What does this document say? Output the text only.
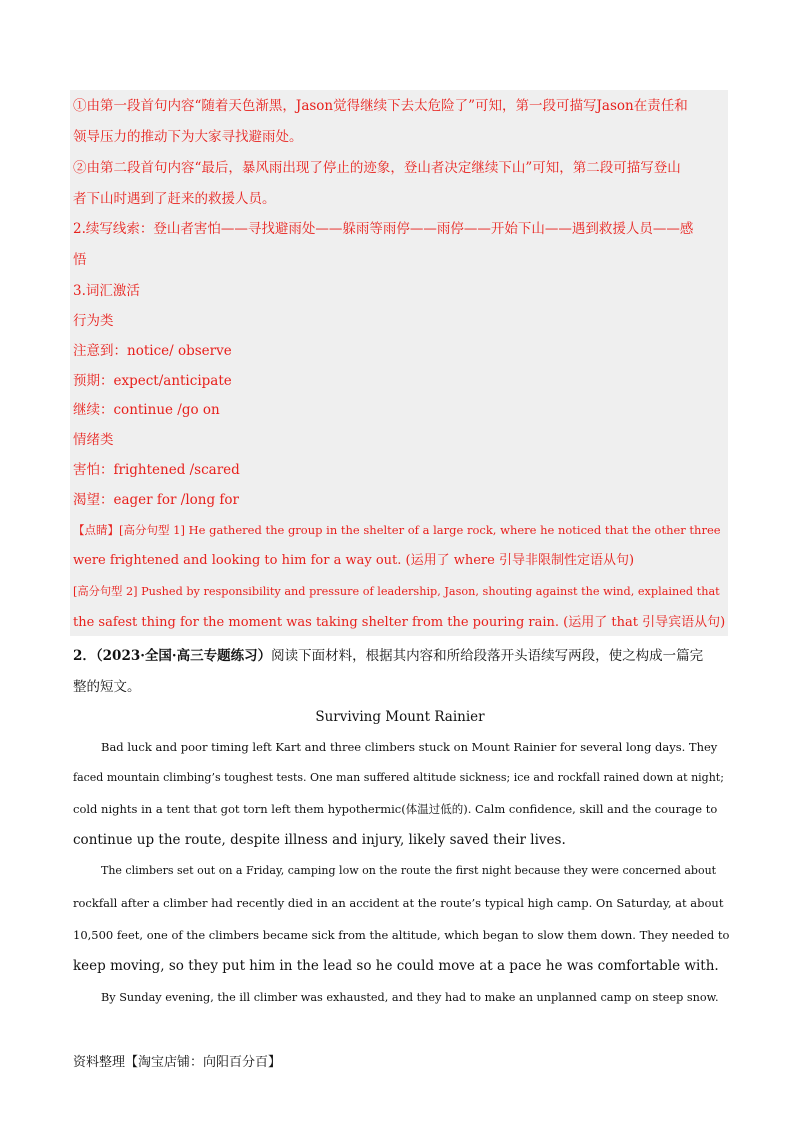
①由第一段首句内容“随着天色渐黑，Jason觉得继续下去太危险了”可知，第一段可描写Jason在责任和
领导压力的推动下为大家寻找避雨处。
②由第二段首句内容“最后，暴风雨出现了停止的迹象，登山者决定继续下山”可知，第二段可描写登山
者下山时遇到了赶来的救援人员。
2.续写线索：登山者害怕——寻找避雨处——躲雨等雨停——雨停——开始下山——遇到救援人员——感
悟
3.词汇激活
行为类
注意到：notice/ observe
预期：expect/anticipate
继续：continue /go on
情绪类
害怕：frightened /scared
渴望：eager for /long for
【点睛】[高分句型 1] He gathered the group in the shelter of a large rock, where he noticed that the other three
were frightened and looking to him for a way out. (运用了 where 引导非限制性定语从句)
[高分句型 2] Pushed by responsibility and pressure of leadership, Jason, shouting against the wind, explained that
the safest thing for the moment was taking shelter from the pouring rain. (运用了 that 引导宾语从句)
2．（2023·全国·高三专题练习）阅读下面材料，根据其内容和所给段落开头语续写两段，使之构成一篇完
整的短文。
Surviving Mount Rainier
Bad luck and poor timing left Kart and three climbers stuck on Mount Rainier for several long days. They
faced mountain climbing’s toughest tests. One man suffered altitude sickness; ice and rockfall rained down at night;
cold nights in a tent that got torn left them hypothermic(体温过低的). Calm confidence, skill and the courage to
continue up the route, despite illness and injury, likely saved their lives.
The climbers set out on a Friday, camping low on the route the first night because they were concerned about
rockfall after a climber had recently died in an accident at the route’s typical high camp. On Saturday, at about
10,500 feet, one of the climbers became sick from the altitude, which began to slow them down. They needed to
keep moving, so they put him in the lead so he could move at a pace he was comfortable with.
By Sunday evening, the ill climber was exhausted, and they had to make an unplanned camp on steep snow.
资料整理【淘宝店铺：向阳百分百】
